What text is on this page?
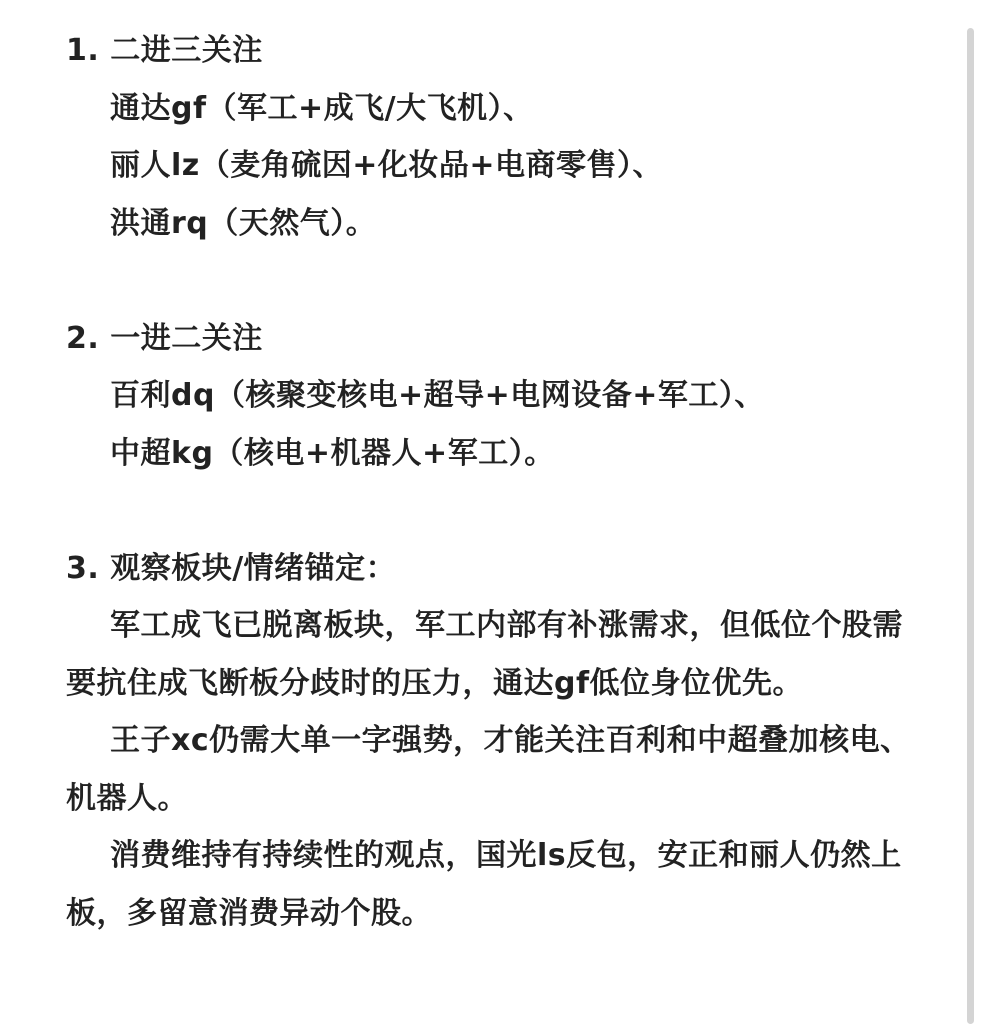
1. 二进三关注

通达gf（军工+成飞/大飞机）、

丽人lz（麦角硫因+化妆品+电商零售）、

洪通rq（天然气）。

2. 一进二关注

百利dq（核聚变核电+超导+电网设备+军工）、

中超kg（核电+机器人+军工）。

3. 观察板块/情绪锚定：

军工成飞已脱离板块，军工内部有补涨需求，但低位个股需要抗住成飞断板分歧时的压力，通达gf低位身位优先。

王子xc仍需大单一字强势，才能关注百利和中超叠加核电、机器人。

消费维持有持续性的观点，国光ls反包，安正和丽人仍然上板，多留意消费异动个股。
